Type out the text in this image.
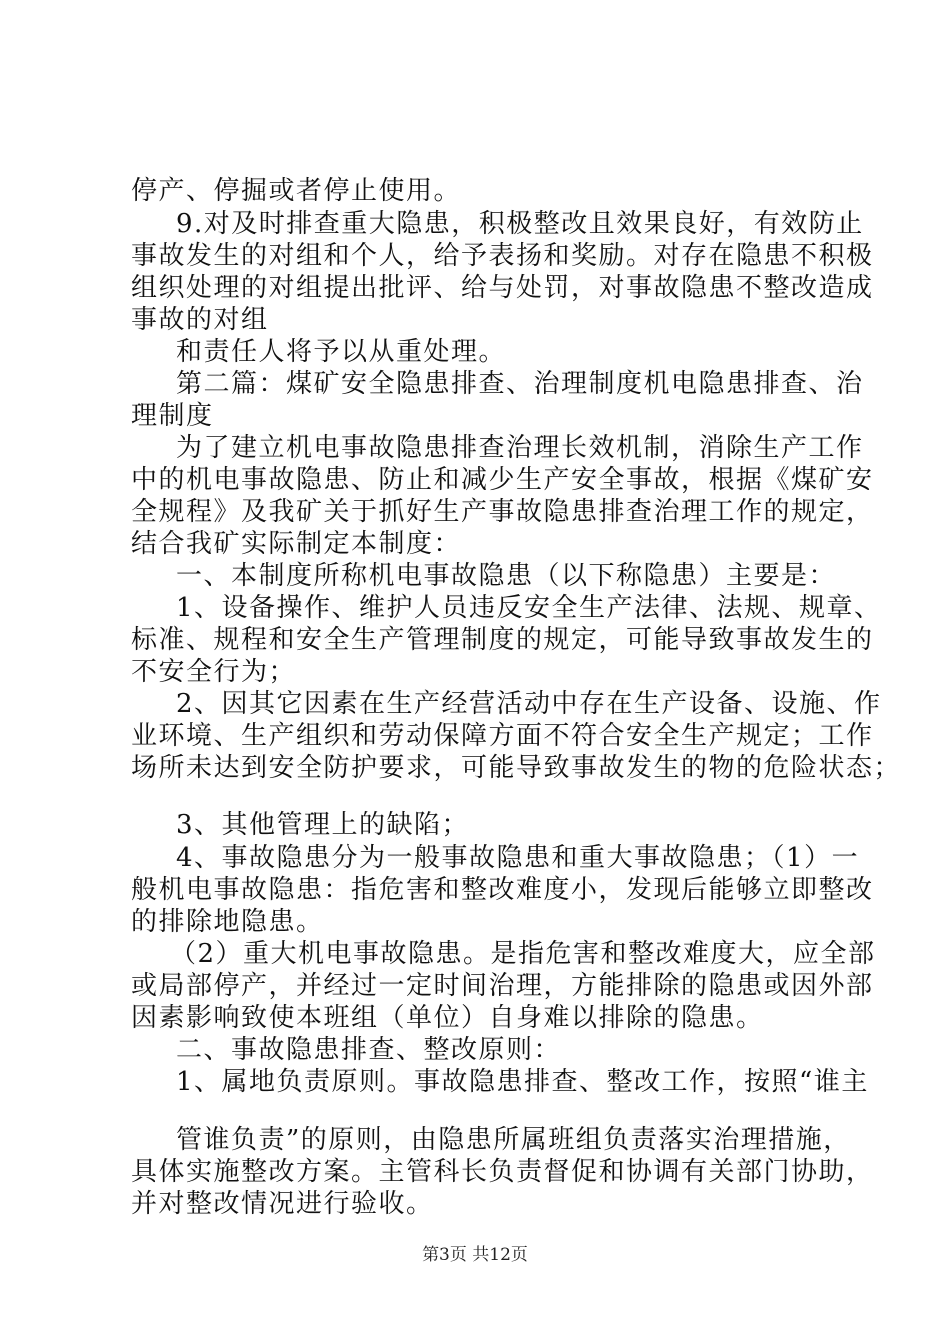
停产、停掘或者停止使用。

9.对及时排查重大隐患，积极整改且效果良好，有效防止

事故发生的对组和个人，给予表扬和奖励。对存在隐患不积极

组织处理的对组提出批评、给与处罚，对事故隐患不整改造成

事故的对组

和责任人将予以从重处理。

第二篇：煤矿安全隐患排查、治理制度机电隐患排查、治

理制度

为了建立机电事故隐患排查治理长效机制，消除生产工作

中的机电事故隐患、防止和减少生产安全事故，根据《煤矿安

全规程》及我矿关于抓好生产事故隐患排查治理工作的规定，

结合我矿实际制定本制度：

一、本制度所称机电事故隐患（以下称隐患）主要是：

1、设备操作、维护人员违反安全生产法律、法规、规章、

标准、规程和安全生产管理制度的规定，可能导致事故发生的

不安全行为；

2、因其它因素在生产经营活动中存在生产设备、设施、作

业环境、生产组织和劳动保障方面不符合安全生产规定；工作

场所未达到安全防护要求，可能导致事故发生的物的危险状态；

3、其他管理上的缺陷；

4、事故隐患分为一般事故隐患和重大事故隐患；（1）一

般机电事故隐患：指危害和整改难度小，发现后能够立即整改

的排除地隐患。

（2）重大机电事故隐患。是指危害和整改难度大，应全部

或局部停产，并经过一定时间治理，方能排除的隐患或因外部

因素影响致使本班组（单位）自身难以排除的隐患。

二、事故隐患排查、整改原则：

1、属地负责原则。事故隐患排查、整改工作，按照“谁主

管谁负责”的原则，由隐患所属班组负责落实治理措施，

具体实施整改方案。主管科长负责督促和协调有关部门协助，

并对整改情况进行验收。

第3页 共12页
